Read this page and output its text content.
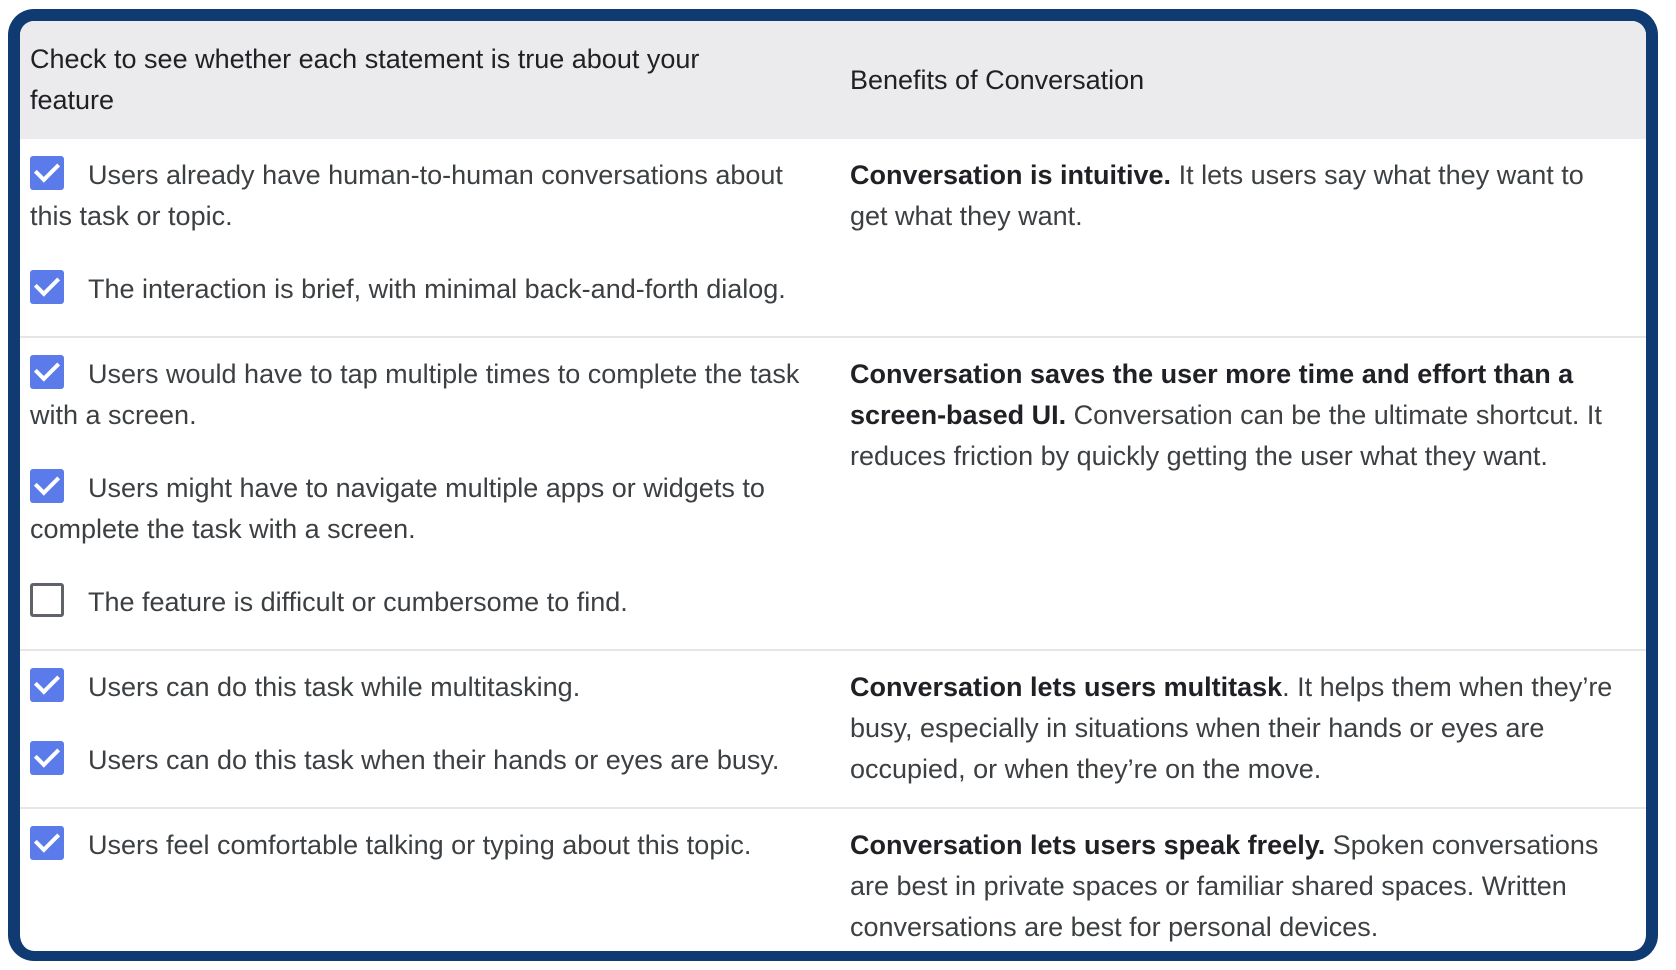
Check to see whether each statement is true about your feature	Benefits of Conversation

Users already have human-to-human conversations about this task or topic.
The interaction is brief, with minimal back-and-forth dialog.	Conversation is intuitive. It lets users say what they want to get what they want.

Users would have to tap multiple times to complete the task with a screen.
Users might have to navigate multiple apps or widgets to complete the task with a screen.
The feature is difficult or cumbersome to find.	Conversation saves the user more time and effort than a screen-based UI. Conversation can be the ultimate shortcut. It reduces friction by quickly getting the user what they want.

Users can do this task while multitasking.
Users can do this task when their hands or eyes are busy.	Conversation lets users multitask. It helps them when they’re busy, especially in situations when their hands or eyes are occupied, or when they’re on the move.

Users feel comfortable talking or typing about this topic.	Conversation lets users speak freely. Spoken conversations are best in private spaces or familiar shared spaces. Written conversations are best for personal devices.
